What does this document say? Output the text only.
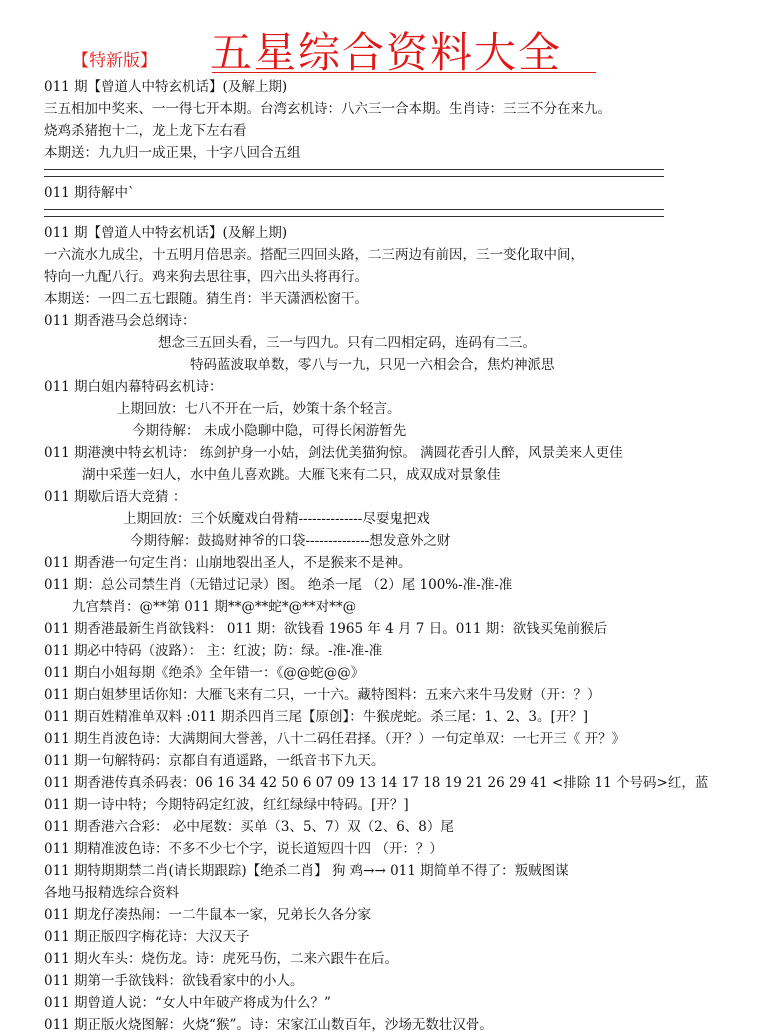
【特新版】 五星综合资料大全
011 期【曾道人中特玄机话】(及解上期)
三五相加中奖来、一一得七开本期。台湾玄机诗：八六三一合本期。生肖诗：三三不分在来九。
烧鸡杀猪抱十二，龙上龙下左右看
本期送：九九归一成正果，十字八回合五组
011 期待解中`
011 期【曾道人中特玄机话】(及解上期)
一六流水九成尘，十五明月倍思亲。搭配三四回头路，二三两边有前因，三一变化取中间，
特向一九配八行。鸡来狗去思往事，四六出头将再行。
本期送：一四二五七跟随。猜生肖：半天潇洒松窗干。
011 期香港马会总纲诗：
想念三五回头看，三一与四九。只有二四相定码，连码有二三。
特码蓝波取单数，零八与一九，只见一六相会合，焦灼神派思
011 期白姐内幕特码玄机诗：
上期回放：七八不开在一后，妙策十条个轻言。
今期待解： 未成小隐聊中隐，可得长闲游暂先
011 期港澳中特玄机诗： 练剑护身一小姑，剑法优美猫狗惊。 满圆花香引人醉，风景美来人更佳
湖中采莲一妇人，水中鱼儿喜欢跳。大雁飞来有二只，成双成对景象佳
011 期歇后语大竞猜 ：
上期回放：三个妖魔戏白骨精--------------尽耍鬼把戏
今期待解：鼓捣财神爷的口袋--------------想发意外之财
011 期香港一句定生肖：山崩地裂出圣人，不是猴来不是神。
011 期：总公司禁生肖（无错过记录）图。 绝杀一尾 （2）尾 100%-准-准-准
九宫禁肖：@**第 011 期**@**蛇*@**对**@
011 期香港最新生肖欲钱料： 011 期：欲钱看 1965 年 4 月 7 日。011 期：欲钱买兔前猴后
011 期必中特码（波路）： 主：红波；防：绿。-准-准-准
011 期白小姐每期《绝杀》全年错一：《@@蛇@@》
011 期白姐梦里话你知：大雁飞来有二只，一十六。藏特图料：五来六来牛马发财（开：？）
011 期百姓精准单双料 :011 期杀四肖三尾【原创】：牛猴虎蛇。杀三尾：1、2、3。[开？]
011 期生肖波色诗：大满期间大誉善，八十二码任君择。（开？）一句定单双：一七开三《 开？》
011 期一句解特码：京都自有逍遥路，一纸音书下九天。
011 期香港传真杀码表：06 16 34 42 50 6 07 09 13 14 17 18 19 21 26 29 41 <排除 11 个号码>红，蓝
011 期一诗中特；今期特码定红波，红红绿绿中特码。[开？]
011 期香港六合彩： 必中尾数：买单（3、5、7）双（2、6、8）尾
011 期精准波色诗：不多不少七个字，说长道短四十四 （开：？）
011 期特期期禁二肖(请长期跟踪)【绝杀二肖】 狗 鸡→→ 011 期简单不得了：叛贼图谋
各地马报精选综合资料
011 期龙仔凑热闹：一二牛鼠本一家，兄弟长久各分家
011 期正版四字梅花诗：大汉天子
011 期火车头：烧伤龙。诗：虎死马伤，二来六跟牛在后。
011 期第一手欲钱料：欲钱看家中的小人。
011 期曾道人说：“女人中年破产将成为什么？”
011 期正版火烧图解：火烧“猴”。诗：宋家江山数百年，沙场无数壮汉骨。
